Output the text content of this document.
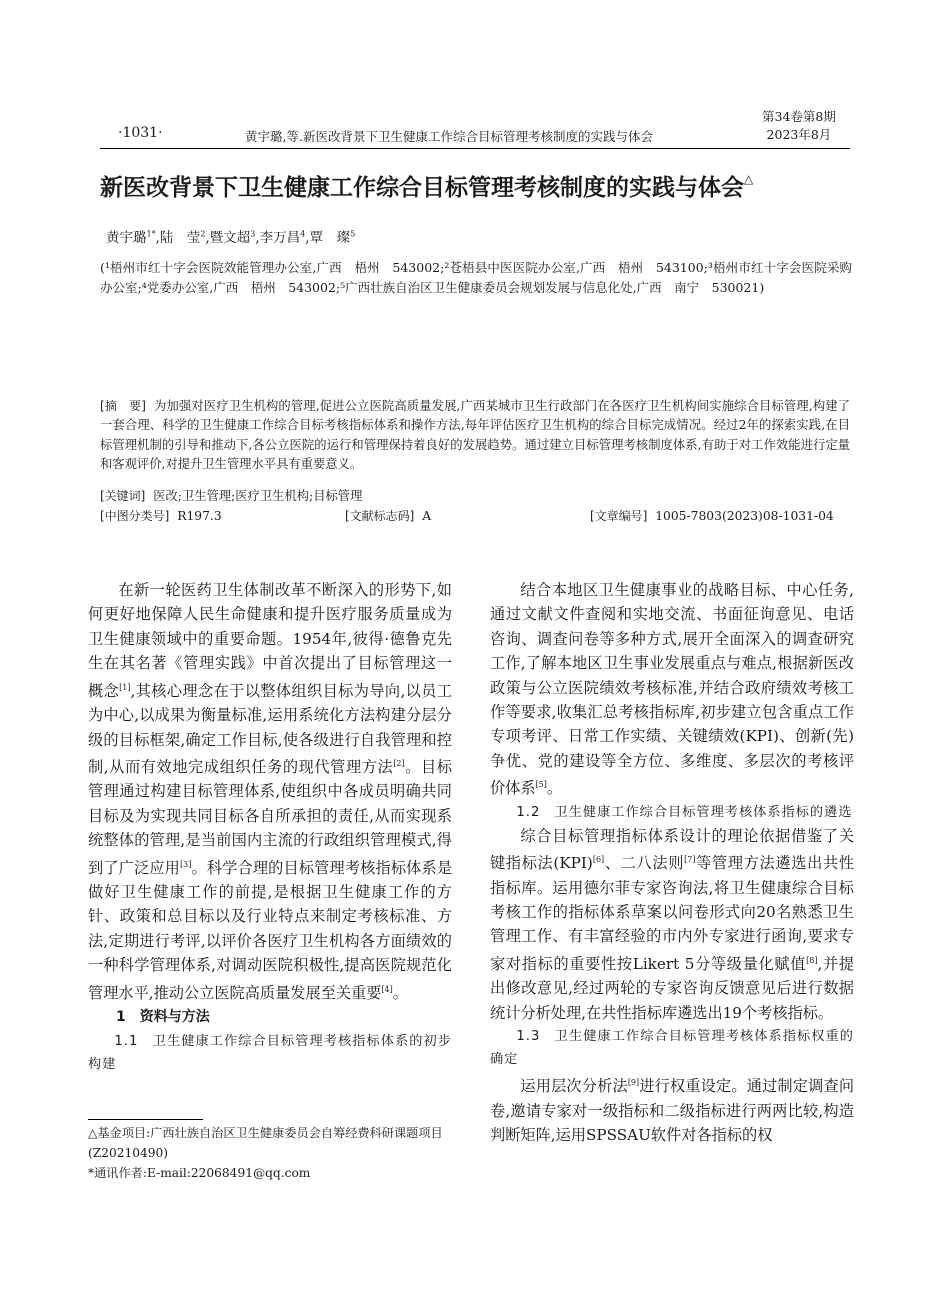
·1031·	黄宇璐,等.新医改背景下卫生健康工作综合目标管理考核制度的实践与体会
第34卷第8期
2023年8月
新医改背景下卫生健康工作综合目标管理考核制度的实践与体会△
黄宇璐$^{1*}$,陆　莹$^2$,暨文超$^3$,李万昌$^4$,覃　璨$^5$
(¹梧州市红十字会医院效能管理办公室,广西　梧州　543002;²苍梧县中医医院办公室,广西　梧州　543100;³梧州市红十字会医院采购办公室;⁴党委办公室,广西　梧州　543002;⁵广西壮族自治区卫生健康委员会规划发展与信息化处,广西　南宁　530021)
[摘　要] 为加强对医疗卫生机构的管理,促进公立医院高质量发展,广西某城市卫生行政部门在各医疗卫生机构间实施综合目标管理,构建了一套合理、科学的卫生健康工作综合目标考核指标体系和操作方法,每年评估医疗卫生机构的综合目标完成情况。经过2年的探索实践,在目标管理机制的引导和推动下,各公立医院的运行和管理保持着良好的发展趋势。通过建立目标管理考核制度体系,有助于对工作效能进行定量和客观评价,对提升卫生管理水平具有重要意义。
[关键词] 医改;卫生管理;医疗卫生机构;目标管理
[中图分类号] R197.3	[文献标志码] A	[文章编号] 1005-7803(2023)08-1031-04

在新一轮医药卫生体制改革不断深入的形势下,如何更好地保障人民生命健康和提升医疗服务质量成为卫生健康领域中的重要命题。1954年,彼得·德鲁克先生在其名著《管理实践》中首次提出了目标管理这一概念[1],其核心理念在于以整体组织目标为导向,以员工为中心,以成果为衡量标准,运用系统化方法构建分层分级的目标框架,确定工作目标,使各级进行自我管理和控制,从而有效地完成组织任务的现代管理方法[2]。目标管理通过构建目标管理体系,使组织中各成员明确共同目标及为实现共同目标各自所承担的责任,从而实现系统整体的管理,是当前国内主流的行政组织管理模式,得到了广泛应用[3]。科学合理的目标管理考核指标体系是做好卫生健康工作的前提,是根据卫生健康工作的方针、政策和总目标以及行业特点来制定考核标准、方法,定期进行考评,以评价各医疗卫生机构各方面绩效的一种科学管理体系,对调动医院积极性,提高医院规范化管理水平,推动公立医院高质量发展至关重要[4]。

1　资料与方法

1.1　卫生健康工作综合目标管理考核指标体系的初步构建

△基金项目:广西壮族自治区卫生健康委员会自筹经费科研课题项目(Z20210490)
*通讯作者:E-mail:22068491@qq.com

结合本地区卫生健康事业的战略目标、中心任务,通过文献文件查阅和实地交流、书面征询意见、电话咨询、调查问卷等多种方式,展开全面深入的调查研究工作,了解本地区卫生事业发展重点与难点,根据新医改政策与公立医院绩效考核标准,并结合政府绩效考核工作等要求,收集汇总考核指标库,初步建立包含重点工作专项考评、日常工作实绩、关键绩效(KPI)、创新(先)争优、党的建设等全方位、多维度、多层次的考核评价体系[5]。

1.2　卫生健康工作综合目标管理考核体系指标的遴选

综合目标管理指标体系设计的理论依据借鉴了关键指标法(KPI)[6]、二八法则[7]等管理方法遴选出共性指标库。运用德尔菲专家咨询法,将卫生健康综合目标考核工作的指标体系草案以问卷形式向20名熟悉卫生管理工作、有丰富经验的市内外专家进行函询,要求专家对指标的重要性按Likert 5分等级量化赋值[8],并提出修改意见,经过两轮的专家咨询反馈意见后进行数据统计分析处理,在共性指标库遴选出19个考核指标。

1.3　卫生健康工作综合目标管理考核体系指标权重的确定

运用层次分析法[9]进行权重设定。通过制定调查问卷,邀请专家对一级指标和二级指标进行两两比较,构造判断矩阵,运用SPSSAU软件对各指标的权
